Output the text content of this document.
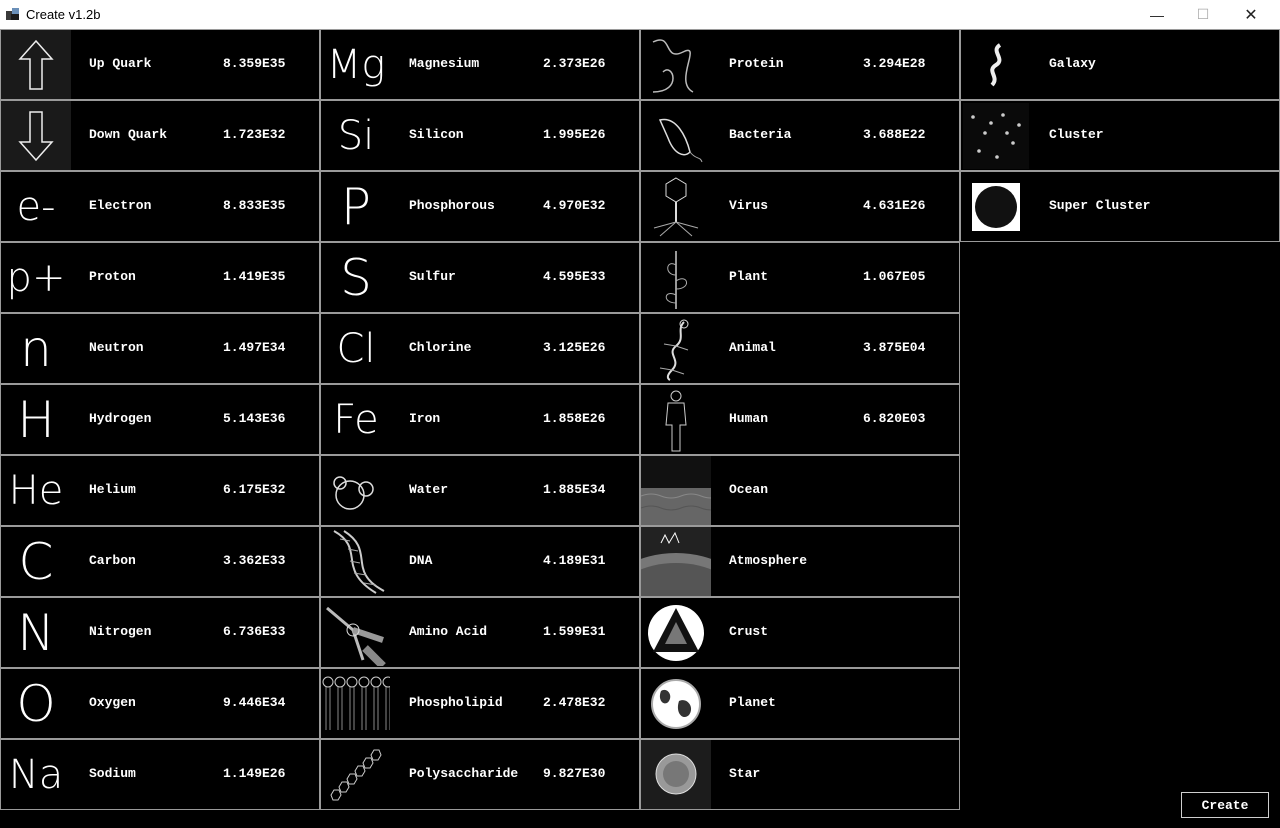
Create v1.2b	—	☐	✕
Up Quark	8.359E35
Down Quark	1.723E32
e-	Electron	8.833E35
p+ Proton	1.419E35
n	Neutron	1.497E34
H	Hydrogen	5.143E36
He Helium	6.175E32
C	Carbon	3.362E33
N	Nitrogen	6.736E33
O	Oxygen	9.446E34
Na Sodium	1.149E26
Mg Magnesium	2.373E26
Si	Silicon	1.995E26
P	Phosphorous	4.970E32
S	Sulfur	4.595E33
Cl	Chlorine	3.125E26
Fe Iron	1.858E26
Water	1.885E34
DNA	4.189E31
Amino Acid	1.599E31
Phospholipid	2.478E32
Polysaccharide 9.827E30
Protein	3.294E28
Bacteria	3.688E22
Virus	4.631E26
Plant	1.067E05
Animal	3.875E04
Human	6.820E03
Ocean
Atmosphere
Crust
Planet
Star
Galaxy
Cluster
Super Cluster
Create
